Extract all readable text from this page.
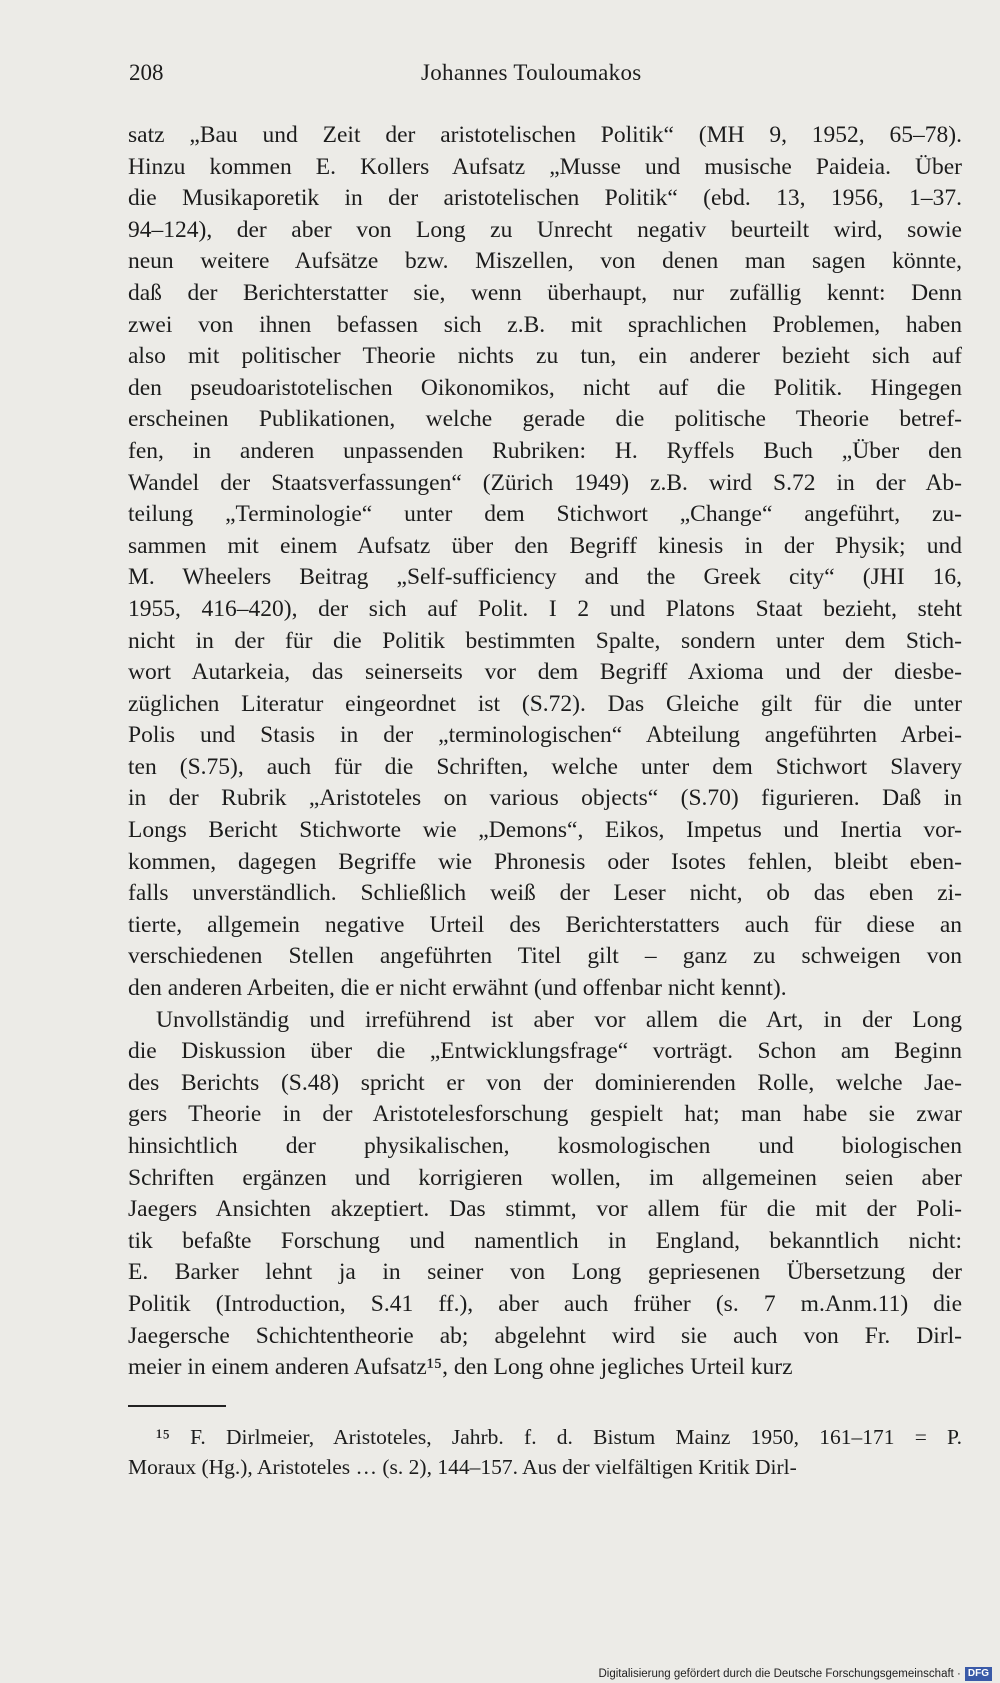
208	Johannes Touloumakos

satz „Bau und Zeit der aristotelischen Politik“ (MH 9, 1952, 65–78).
Hinzu kommen E. Kollers Aufsatz „Musse und musische Paideia. Über
die Musikaporetik in der aristotelischen Politik“ (ebd. 13, 1956, 1–37.
94–124), der aber von Long zu Unrecht negativ beurteilt wird, sowie
neun weitere Aufsätze bzw. Miszellen, von denen man sagen könnte,
daß der Berichterstatter sie, wenn überhaupt, nur zufällig kennt: Denn
zwei von ihnen befassen sich z.B. mit sprachlichen Problemen, haben
also mit politischer Theorie nichts zu tun, ein anderer bezieht sich auf
den pseudoaristotelischen Oikonomikos, nicht auf die Politik. Hingegen
erscheinen Publikationen, welche gerade die politische Theorie betref-
fen, in anderen unpassenden Rubriken: H. Ryffels Buch „Über den
Wandel der Staatsverfassungen“ (Zürich 1949) z.B. wird S.72 in der Ab-
teilung „Terminologie“ unter dem Stichwort „Change“ angeführt, zu-
sammen mit einem Aufsatz über den Begriff kinesis in der Physik; und
M. Wheelers Beitrag „Self-sufficiency and the Greek city“ (JHI 16,
1955, 416–420), der sich auf Polit. I 2 und Platons Staat bezieht, steht
nicht in der für die Politik bestimmten Spalte, sondern unter dem Stich-
wort Autarkeia, das seinerseits vor dem Begriff Axioma und der diesbe-
züglichen Literatur eingeordnet ist (S.72). Das Gleiche gilt für die unter
Polis und Stasis in der „terminologischen“ Abteilung angeführten Arbei-
ten (S.75), auch für die Schriften, welche unter dem Stichwort Slavery
in der Rubrik „Aristoteles on various objects“ (S.70) figurieren. Daß in
Longs Bericht Stichworte wie „Demons“, Eikos, Impetus und Inertia vor-
kommen, dagegen Begriffe wie Phronesis oder Isotes fehlen, bleibt eben-
falls unverständlich. Schließlich weiß der Leser nicht, ob das eben zi-
tierte, allgemein negative Urteil des Berichterstatters auch für diese an
verschiedenen Stellen angeführten Titel gilt – ganz zu schweigen von
den anderen Arbeiten, die er nicht erwähnt (und offenbar nicht kennt).

Unvollständig und irreführend ist aber vor allem die Art, in der Long
die Diskussion über die „Entwicklungsfrage“ vorträgt. Schon am Beginn
des Berichts (S.48) spricht er von der dominierenden Rolle, welche Jae-
gers Theorie in der Aristotelesforschung gespielt hat; man habe sie zwar
hinsichtlich der physikalischen, kosmologischen und biologischen
Schriften ergänzen und korrigieren wollen, im allgemeinen seien aber
Jaegers Ansichten akzeptiert. Das stimmt, vor allem für die mit der Poli-
tik befaßte Forschung und namentlich in England, bekanntlich nicht:
E. Barker lehnt ja in seiner von Long gepriesenen Übersetzung der
Politik (Introduction, S.41 ff.), aber auch früher (s. 7 m.Anm.11) die
Jaegersche Schichtentheorie ab; abgelehnt wird sie auch von Fr. Dirl-
meier in einem anderen Aufsatz¹⁵, den Long ohne jegliches Urteil kurz

¹⁵ F. Dirlmeier, Aristoteles, Jahrb. f. d. Bistum Mainz 1950, 161–171 = P.
Moraux (Hg.), Aristoteles … (s. 2), 144–157. Aus der vielfältigen Kritik Dirl-
Digitalisierung gefördert durch die Deutsche Forschungsgemeinschaft · DFG
